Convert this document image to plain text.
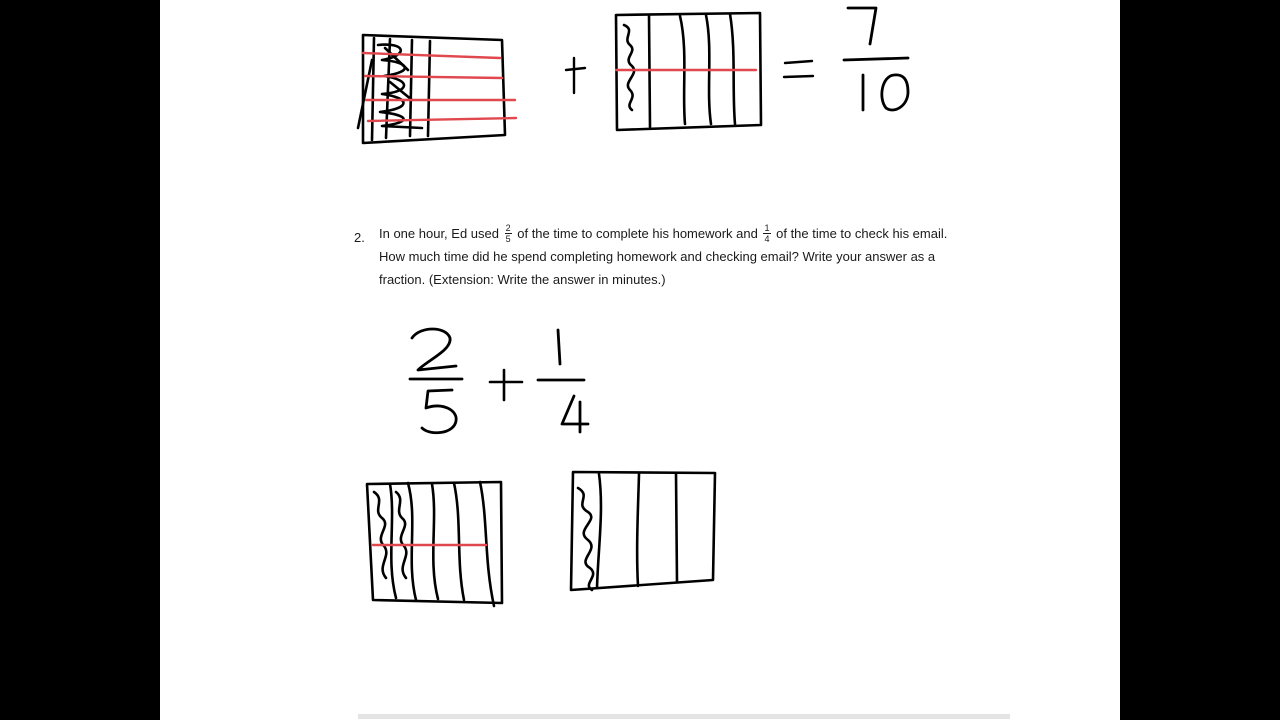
2. In one hour, Ed used $\frac{2}{5}$ of the time to complete his homework and $\frac{1}{4}$ of the time to check his email.
How much time did he spend completing homework and checking email? Write your answer as a
fraction. (Extension: Write the answer in minutes.)
